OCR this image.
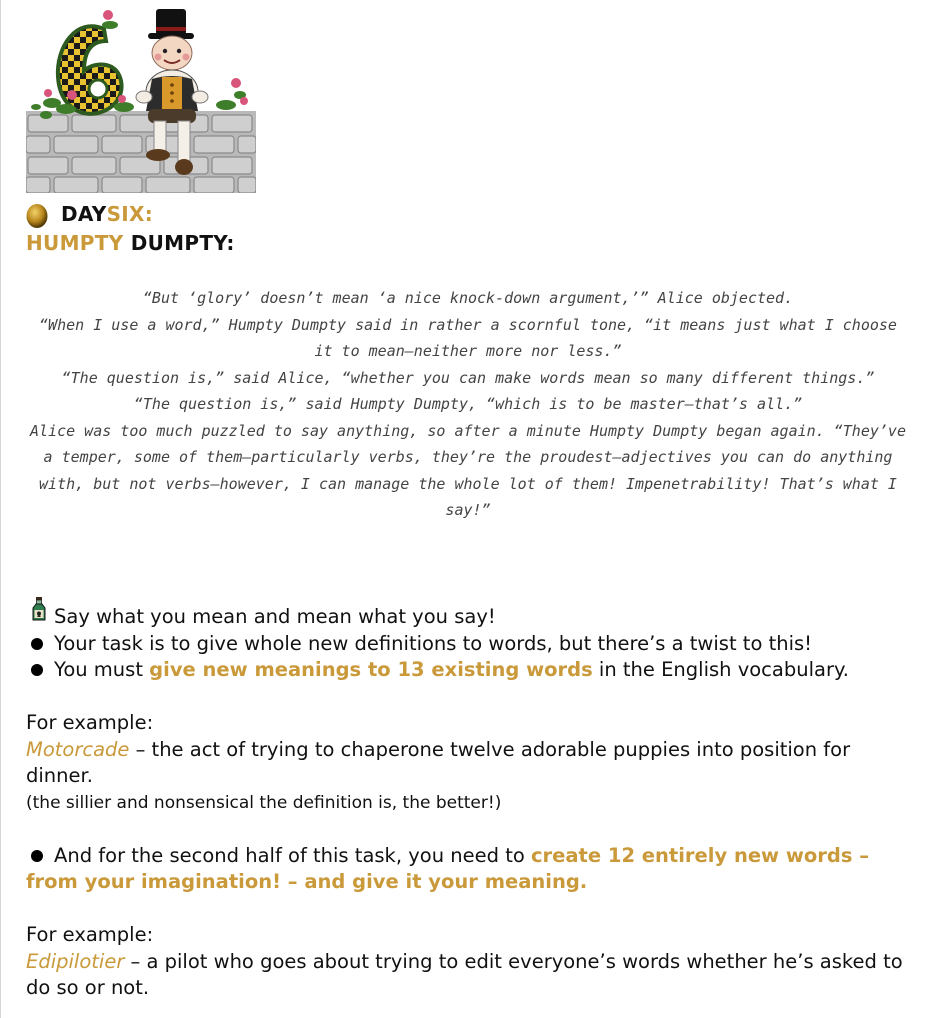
DAY SIX:
HUMPTY DUMPTY:

“But ‘glory’ doesn’t mean ‘a nice knock-down argument,’” Alice objected.

“When I use a word,” Humpty Dumpty said in rather a scornful tone, “it means just what I choose it to mean—neither more nor less.”

“The question is,” said Alice, “whether you can make words mean so many different things.”

“The question is,” said Humpty Dumpty, “which is to be master—that’s all.”

Alice was too much puzzled to say anything, so after a minute Humpty Dumpty began again. “They’ve a temper, some of them—particularly verbs, they’re the proudest—adjectives you can do anything with, but not verbs—however, I can manage the whole lot of them! Impenetrability! That’s what I say!”

Say what you mean and mean what you say!
Your task is to give whole new definitions to words, but there’s a twist to this!
You must give new meanings to 13 existing words in the English vocabulary.
For example:
Motorcade – the act of trying to chaperone twelve adorable puppies into position for dinner.
(the sillier and nonsensical the definition is, the better!)
And for the second half of this task, you need to create 12 entirely new words – from your imagination! – and give it your meaning.
For example:
Edipilotier – a pilot who goes about trying to edit everyone’s words whether he’s asked to do so or not.
